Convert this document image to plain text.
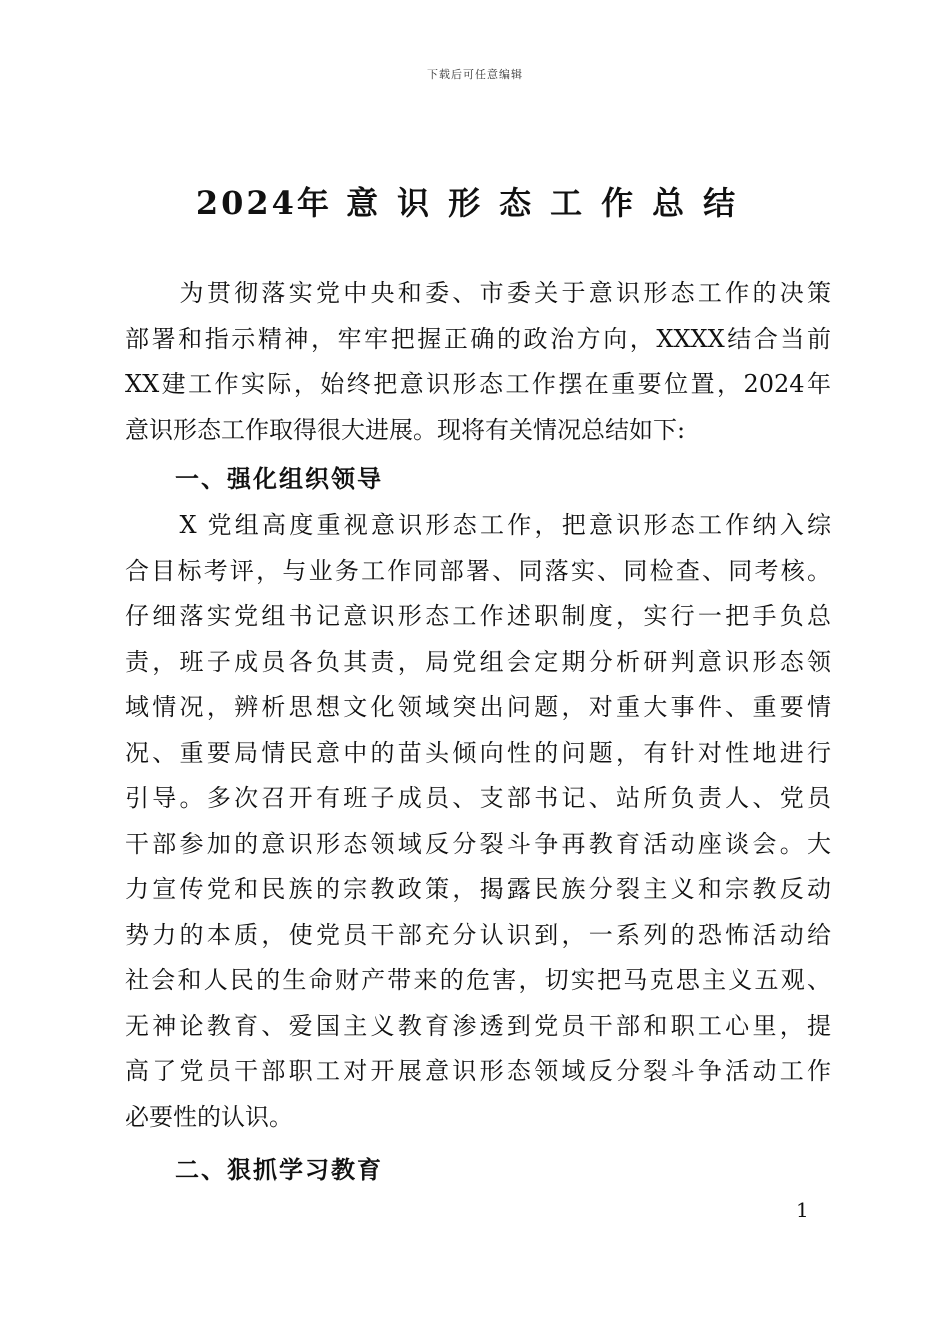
下载后可任意编辑
2024年 意识形态工作总结
　　为贯彻落实党中央和委、市委关于意识形态工作的决策
部署和指示精神，牢牢把握正确的政治方向，XXXX结合当前
XX建工作实际，始终把意识形态工作摆在重要位置，2024年
意识形态工作取得很大进展。现将有关情况总结如下:
一、强化组织领导
　　X 党组高度重视意识形态工作，把意识形态工作纳入综
合目标考评，与业务工作同部署、同落实、同检查、同考核。
仔细落实党组书记意识形态工作述职制度，实行一把手负总
责，班子成员各负其责，局党组会定期分析研判意识形态领
域情况，辨析思想文化领域突出问题，对重大事件、重要情
况、重要局情民意中的苗头倾向性的问题，有针对性地进行
引导。多次召开有班子成员、支部书记、站所负责人、党员
干部参加的意识形态领域反分裂斗争再教育活动座谈会。大
力宣传党和民族的宗教政策，揭露民族分裂主义和宗教反动
势力的本质，使党员干部充分认识到，一系列的恐怖活动给
社会和人民的生命财产带来的危害，切实把马克思主义五观、
无神论教育、爱国主义教育渗透到党员干部和职工心里，提
高了党员干部职工对开展意识形态领域反分裂斗争活动工作
必要性的认识。
二、狠抓学习教育
1
